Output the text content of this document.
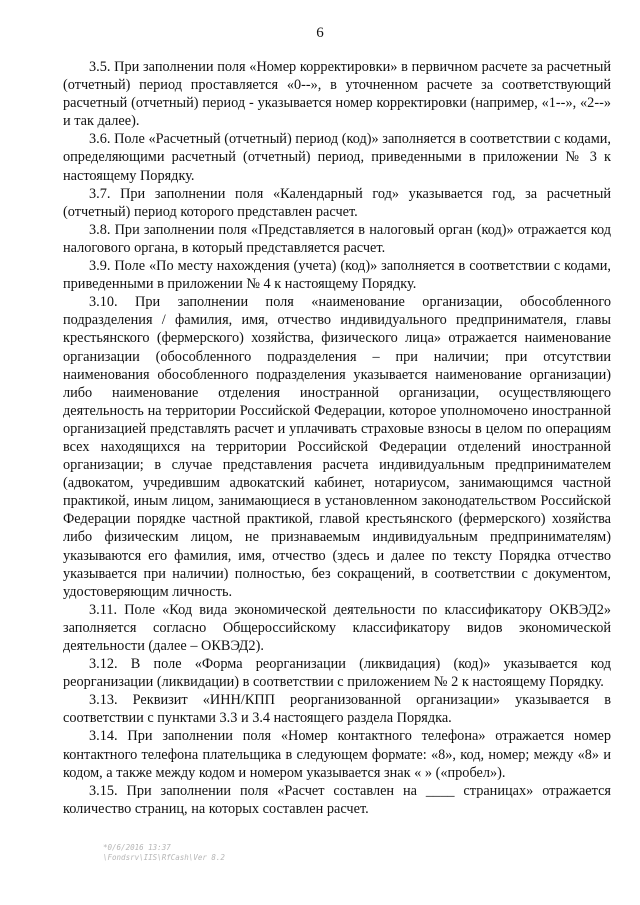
6

3.5. При заполнении поля «Номер корректировки» в первичном расчете за расчетный (отчетный) период проставляется «0--», в уточненном расчете за соответствующий расчетный (отчетный) период - указывается номер корректировки (например, «1--», «2--» и так далее).

3.6. Поле «Расчетный (отчетный) период (код)» заполняется в соответствии с кодами, определяющими расчетный (отчетный) период, приведенными в приложении № 3 к настоящему Порядку.

3.7. При заполнении поля «Календарный год» указывается год, за расчетный (отчетный) период которого представлен расчет.

3.8. При заполнении поля «Представляется в налоговый орган (код)» отражается код налогового органа, в который представляется расчет.

3.9. Поле «По месту нахождения (учета) (код)» заполняется в соответствии с кодами, приведенными в приложении № 4 к настоящему Порядку.

3.10. При заполнении поля «наименование организации, обособленного подразделения / фамилия, имя, отчество индивидуального предпринимателя, главы крестьянского (фермерского) хозяйства, физического лица» отражается наименование организации (обособленного подразделения – при наличии; при отсутствии наименования обособленного подразделения указывается наименование организации) либо наименование отделения иностранной организации, осуществляющего деятельность на территории Российской Федерации, которое уполномочено иностранной организацией представлять расчет и уплачивать страховые взносы в целом по операциям всех находящихся на территории Российской Федерации отделений иностранной организации; в случае представления расчета индивидуальным предпринимателем (адвокатом, учредившим адвокатский кабинет, нотариусом, занимающимся частной практикой, иным лицом, занимающиеся в установленном законодательством Российской Федерации порядке частной практикой, главой крестьянского (фермерского) хозяйства либо физическим лицом, не признаваемым индивидуальным предпринимателям) указываются его фамилия, имя, отчество (здесь и далее по тексту Порядка отчество указывается при наличии) полностью, без сокращений, в соответствии с документом, удостоверяющим личность.

3.11. Поле «Код вида экономической деятельности по классификатору ОКВЭД2» заполняется согласно Общероссийскому классификатору видов экономической деятельности (далее – ОКВЭД2).

3.12. В поле «Форма реорганизации (ликвидация) (код)» указывается код реорганизации (ликвидации) в соответствии с приложением № 2 к настоящему Порядку.

3.13. Реквизит «ИНН/КПП реорганизованной организации» указывается в соответствии с пунктами 3.3 и 3.4 настоящего раздела Порядка.

3.14. При заполнении поля «Номер контактного телефона» отражается номер контактного телефона плательщика в следующем формате: «8», код, номер; между «8» и кодом, а также между кодом и номером указывается знак « » («пробел»).

3.15. При заполнении поля «Расчет составлен на ____ страницах» отражается количество страниц, на которых составлен расчет.

*0/6/2016 13:37
\Fondsrv\IIS\RfCash\Ver 8.2
